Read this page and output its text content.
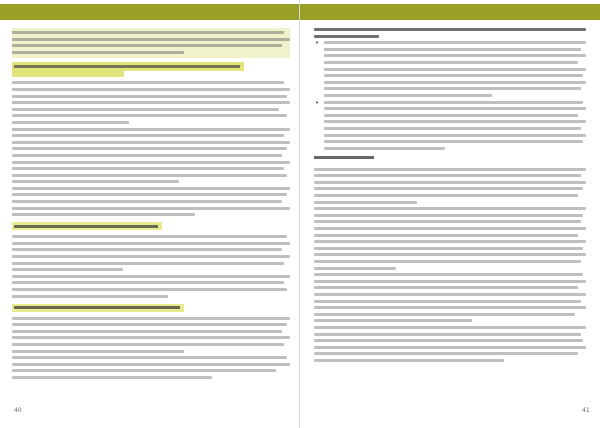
40
•
•
41
